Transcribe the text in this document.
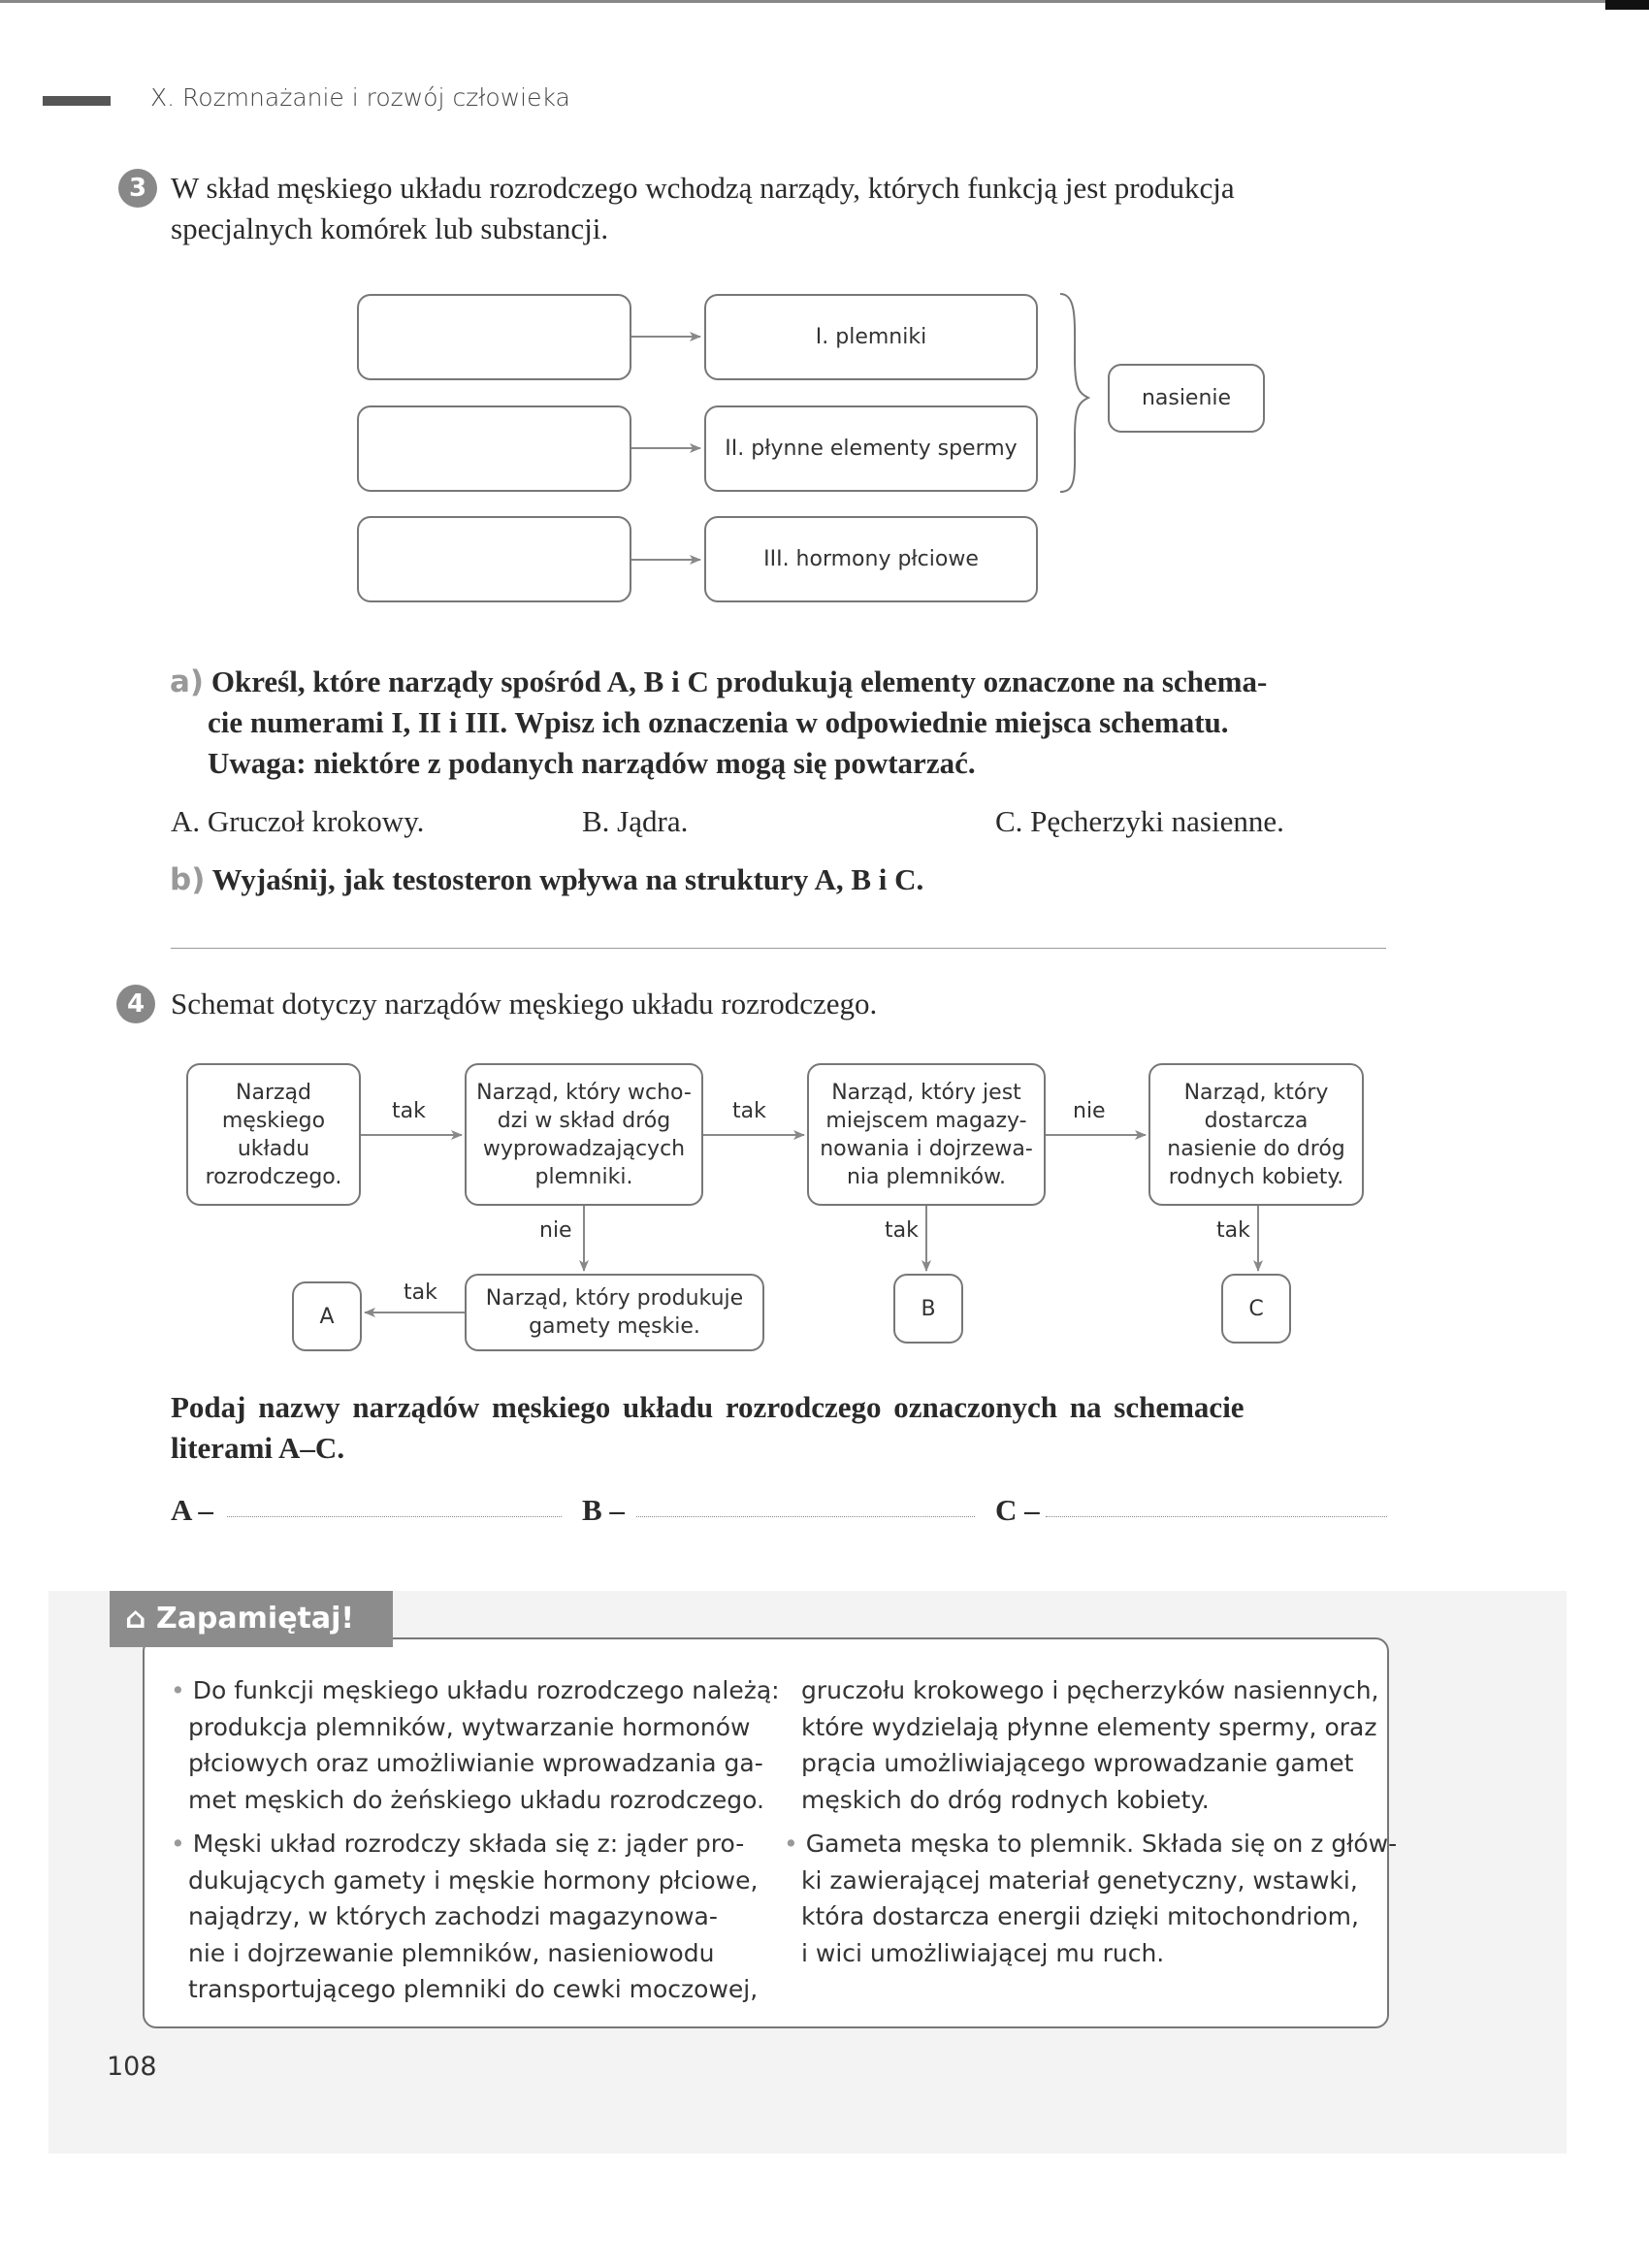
X. Rozmnażanie i rozwój człowieka
3 W skład męskiego układu rozrodczego wchodzą narządy, których funkcją jest produkcja
specjalnych komórek lub substancji.
I. plemniki
II. płynne elementy spermy
III. hormony płciowe
nasienie
a) Określ, które narządy spośród A, B i C produkują elementy oznaczone na schema-
cie numerami I, II i III. Wpisz ich oznaczenia w odpowiednie miejsca schematu.
Uwaga: niektóre z podanych narządów mogą się powtarzać.
A. Gruczoł krokowy.	B. Jądra.	C. Pęcherzyki nasienne.
b) Wyjaśnij, jak testosteron wpływa na struktury A, B i C.
4 Schemat dotyczy narządów męskiego układu rozrodczego.
Narząd
męskiego
układu
rozrodczego.
Narząd, który wcho-
dzi w skład dróg
wyprowadzających
plemniki.
Narząd, który jest
miejscem magazy-
nowania i dojrzewa-
nia plemników.
Narząd, który
dostarcza
nasienie do dróg
rodnych kobiety.
Narząd, który produkuje
gamety męskie.
A	B	C
tak	tak	nie
nie
tak
tak	tak
Podaj nazwy narządów męskiego układu rozrodczego oznaczonych na schemacie
literami A–C.
A –	B –	C –
⌂ Zapamiętaj!

• Do funkcji męskiego układu rozrodczego należą:

produkcja plemników, wytwarzanie hormonów

płciowych oraz umożliwianie wprowadzania ga-

met męskich do żeńskiego układu rozrodczego.

• Męski układ rozrodczy składa się z: jąder pro-

dukujących gamety i męskie hormony płciowe,

najądrzy, w których zachodzi magazynowa-

nie i dojrzewanie plemników, nasieniowodu

transportującego plemniki do cewki moczowej,

gruczołu krokowego i pęcherzyków nasiennych,

które wydzielają płynne elementy spermy, oraz

prącia umożliwiającego wprowadzanie gamet

męskich do dróg rodnych kobiety.

• Gameta męska to plemnik. Składa się on z głów-

ki zawierającej materiał genetyczny, wstawki,

która dostarcza energii dzięki mitochondriom,

i wici umożliwiającej mu ruch.

108
